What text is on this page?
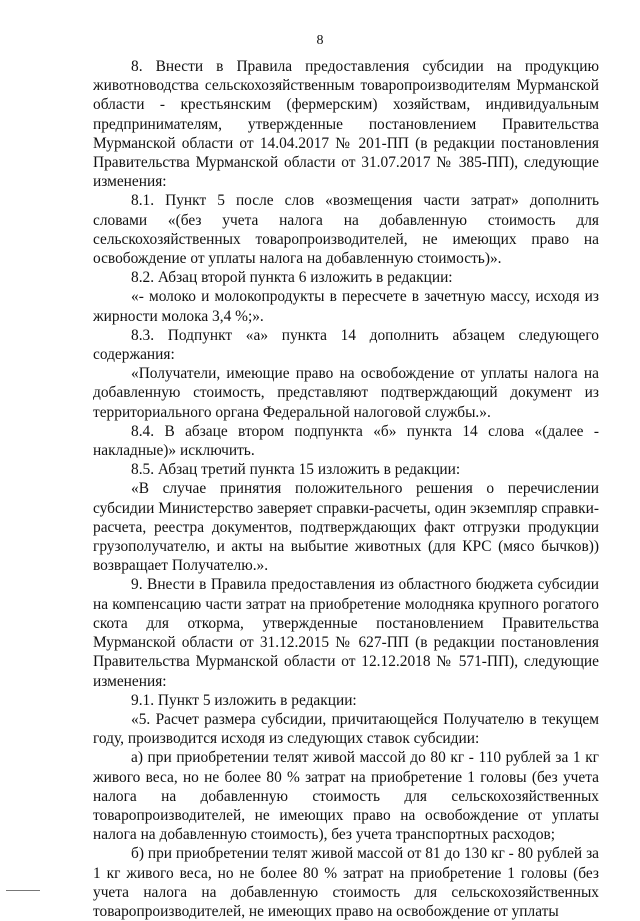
8

8. Внести в Правила предоставления субсидии на продукцию животноводства сельскохозяйственным товаропроизводителям Мурманской области - крестьянским (фермерским) хозяйствам, индивидуальным предпринимателям, утвержденные постановлением Правительства Мурманской области от 14.04.2017 № 201-ПП (в редакции постановления Правительства Мурманской области от 31.07.2017 № 385-ПП), следующие изменения:

8.1. Пункт 5 после слов «возмещения части затрат» дополнить словами «(без учета налога на добавленную стоимость для сельскохозяйственных товаропроизводителей, не имеющих право на освобождение от уплаты налога на добавленную стоимость)».

8.2. Абзац второй пункта 6 изложить в редакции:

«- молоко и молокопродукты в пересчете в зачетную массу, исходя из жирности молока 3,4 %;».

8.3. Подпункт «а» пункта 14 дополнить абзацем следующего содержания:

«Получатели, имеющие право на освобождение от уплаты налога на добавленную стоимость, представляют подтверждающий документ из территориального органа Федеральной налоговой службы.».

8.4. В абзаце втором подпункта «б» пункта 14 слова «(далее - накладные)» исключить.

8.5. Абзац третий пункта 15 изложить в редакции:

«В случае принятия положительного решения о перечислении субсидии Министерство заверяет справки-расчеты, один экземпляр справки-расчета, реестра документов, подтверждающих факт отгрузки продукции грузополучателю, и акты на выбытие животных (для КРС (мясо бычков)) возвращает Получателю.».

9. Внести в Правила предоставления из областного бюджета субсидии на компенсацию части затрат на приобретение молодняка крупного рогатого скота для откорма, утвержденные постановлением Правительства Мурманской области от 31.12.2015 № 627-ПП (в редакции постановления Правительства Мурманской области от 12.12.2018 № 571-ПП), следующие изменения:

9.1. Пункт 5 изложить в редакции:

«5. Расчет размера субсидии, причитающейся Получателю в текущем году, производится исходя из следующих ставок субсидии:

а) при приобретении телят живой массой до 80 кг - 110 рублей за 1 кг живого веса, но не более 80 % затрат на приобретение 1 головы (без учета налога на добавленную стоимость для сельскохозяйственных товаропроизводителей, не имеющих право на освобождение от уплаты налога на добавленную стоимость), без учета транспортных расходов;

б) при приобретении телят живой массой от 81 до 130 кг - 80 рублей за 1 кг живого веса, но не более 80 % затрат на приобретение 1 головы (без учета налога на добавленную стоимость для сельскохозяйственных товаропроизводителей, не имеющих право на освобождение от уплаты
